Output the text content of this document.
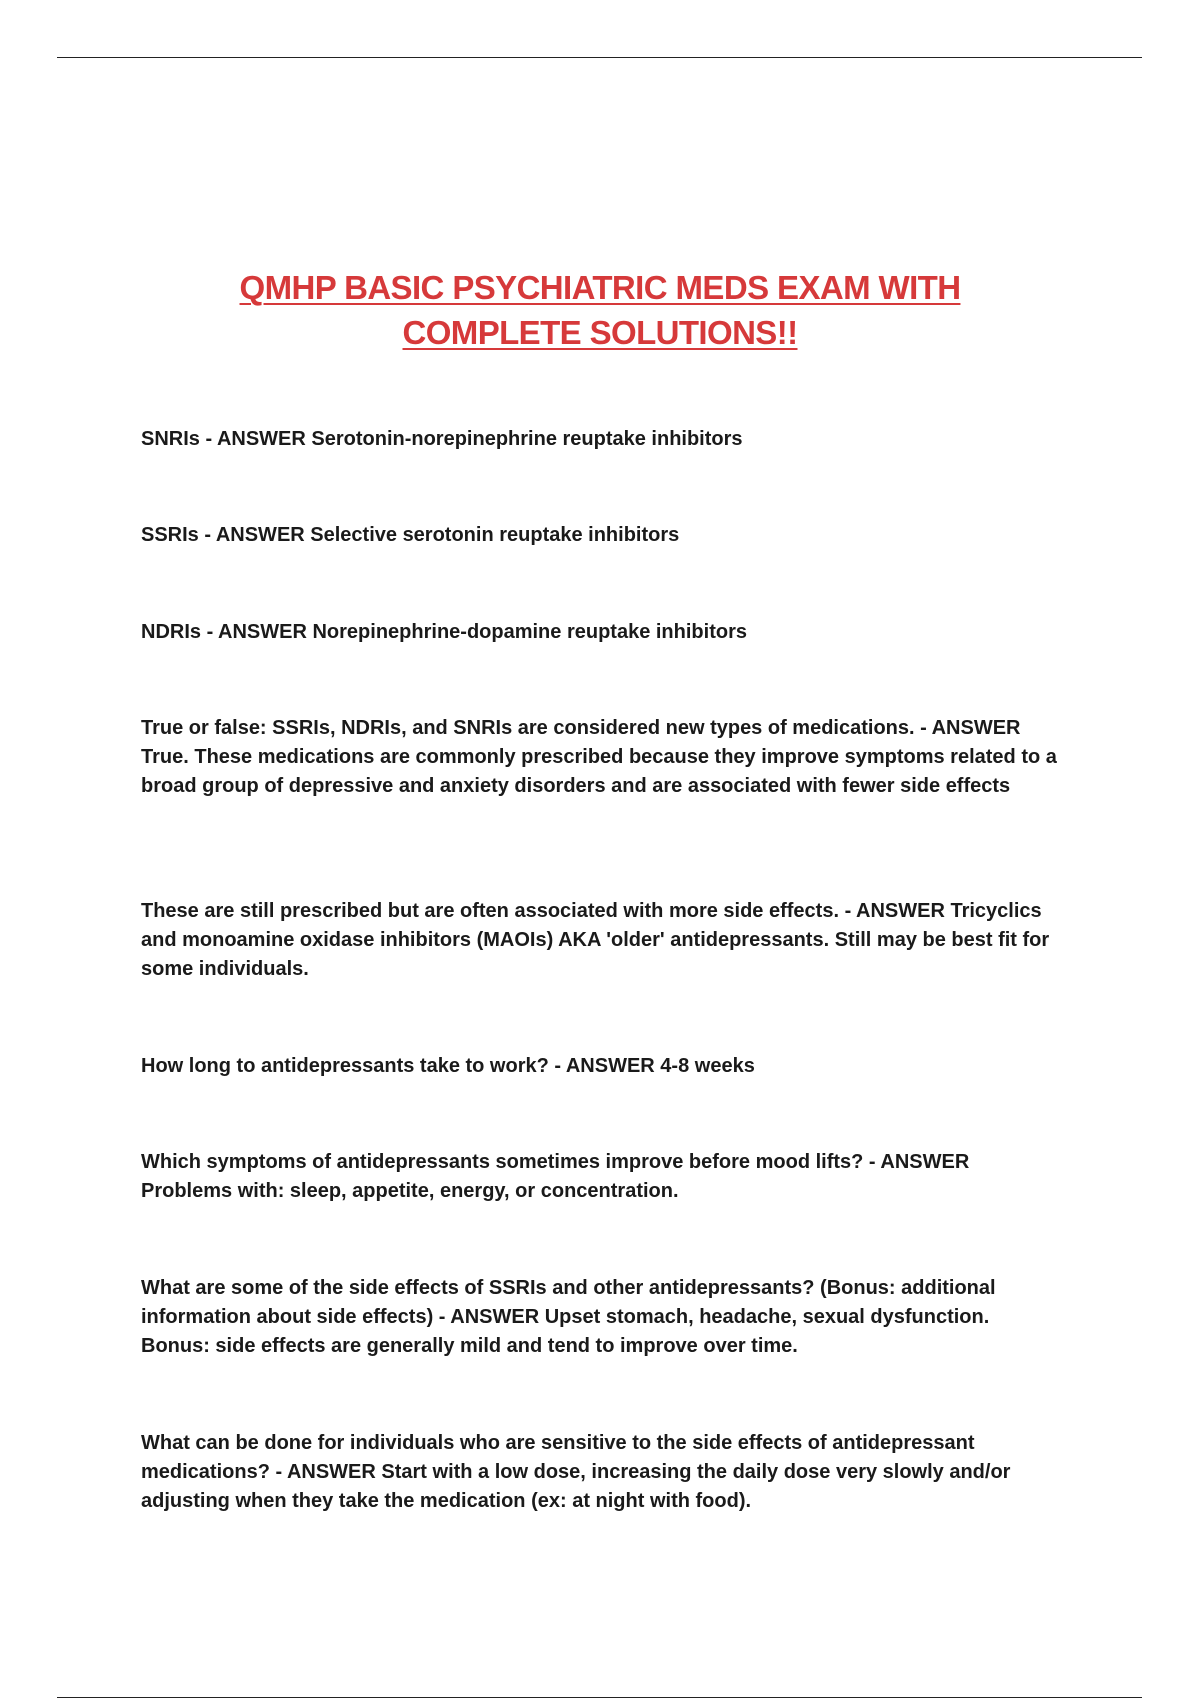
QMHP BASIC PSYCHIATRIC MEDS EXAM WITH COMPLETE SOLUTIONS!!

SNRIs - ANSWER Serotonin-norepinephrine reuptake inhibitors

SSRIs - ANSWER Selective serotonin reuptake inhibitors

NDRIs - ANSWER Norepinephrine-dopamine reuptake inhibitors

True or false: SSRIs, NDRIs, and SNRIs are considered new types of medications. - ANSWER True. These medications are commonly prescribed because they improve symptoms related to a broad group of depressive and anxiety disorders and are associated with fewer side effects

These are still prescribed but are often associated with more side effects. - ANSWER Tricyclics and monoamine oxidase inhibitors (MAOIs) AKA 'older' antidepressants. Still may be best fit for some individuals.

How long to antidepressants take to work? - ANSWER 4-8 weeks

Which symptoms of antidepressants sometimes improve before mood lifts? - ANSWER Problems with: sleep, appetite, energy, or concentration.

What are some of the side effects of SSRIs and other antidepressants? (Bonus: additional information about side effects) - ANSWER Upset stomach, headache, sexual dysfunction. Bonus: side effects are generally mild and tend to improve over time.

What can be done for individuals who are sensitive to the side effects of antidepressant medications? - ANSWER Start with a low dose, increasing the daily dose very slowly and/or adjusting when they take the medication (ex: at night with food).
